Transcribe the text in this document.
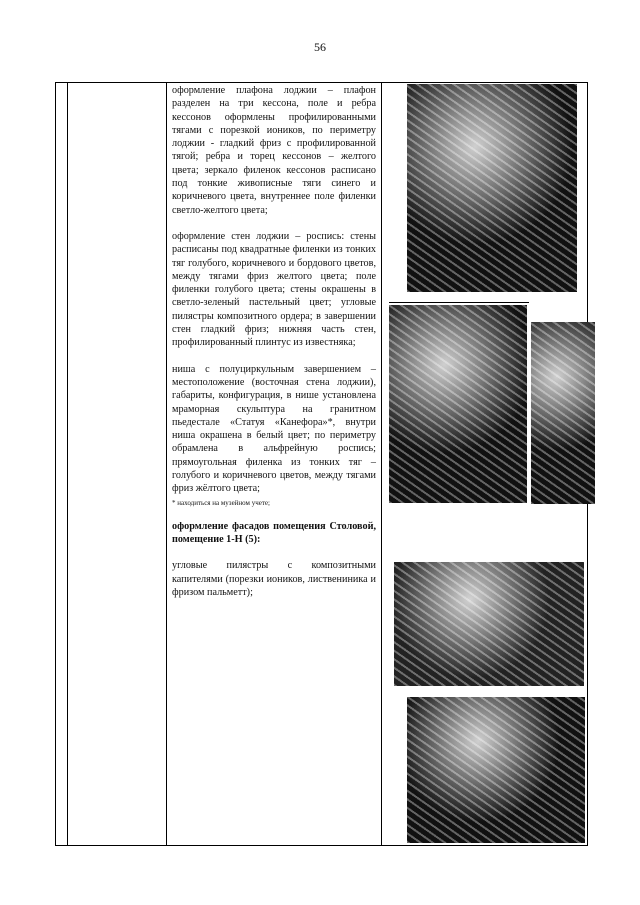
56

оформление плафона лоджии – плафон разделен на три кессона, поле и ребра кессонов оформлены профилированными тягами с порезкой иоников, по периметру лоджии - гладкий фриз с профилированной тягой; ребра и торец кессонов – желтого цвета; зеркало филенок кессонов расписано под тонкие живописные тяги синего и коричневого цвета, внутреннее поле филенки светло-желтого цвета;

оформление стен лоджии – роспись: стены расписаны под квадратные филенки из тонких тяг голубого, коричневого и бордового цветов, между тягами фриз желтого цвета; поле филенки голубого цвета; стены окрашены в светло-зеленый пастельный цвет; угловые пилястры композитного ордера; в завершении стен гладкий фриз; нижняя часть стен, профилированный плинтус из известняка;

ниша с полуциркульным завершением – местоположение (восточная стена лоджии), габариты, конфигурация, в нише установлена мраморная скульптура на гранитном пьедестале «Статуя «Канефора»*, внутри ниша окрашена в белый цвет; по периметру обрамлена в альфрейную роспись; прямоугольная филенка из тонких тяг – голубого и коричневого цветов, между тягами фриз жёлтого цвета;

* находиться на музейном учете;

оформление фасадов помещения Столовой, помещение 1-Н (5):

угловые пилястры с композитными капителями (порезки иоников, листвениника и фризом пальметт);
